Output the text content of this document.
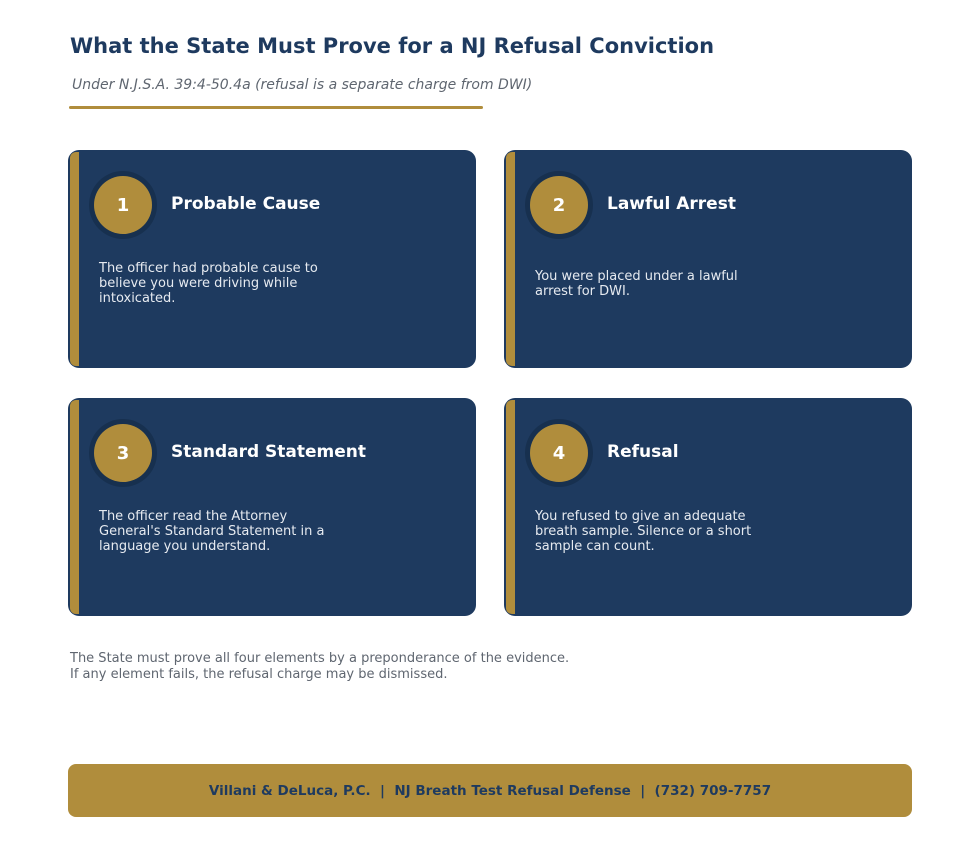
What the State Must Prove for a NJ Refusal Conviction
Under N.J.S.A. 39:4-50.4a (refusal is a separate charge from DWI)
1	Probable Cause
The officer had probable cause to believe you were driving while intoxicated.
2	Lawful Arrest
You were placed under a lawful arrest for DWI.
3	Standard Statement
The officer read the Attorney General's Standard Statement in a language you understand.
4	Refusal
You refused to give an adequate breath sample. Silence or a short sample can count.
The State must prove all four elements by a preponderance of the evidence.
If any element fails, the refusal charge may be dismissed.
Villani & DeLuca, P.C.  |  NJ Breath Test Refusal Defense  |  (732) 709-7757
